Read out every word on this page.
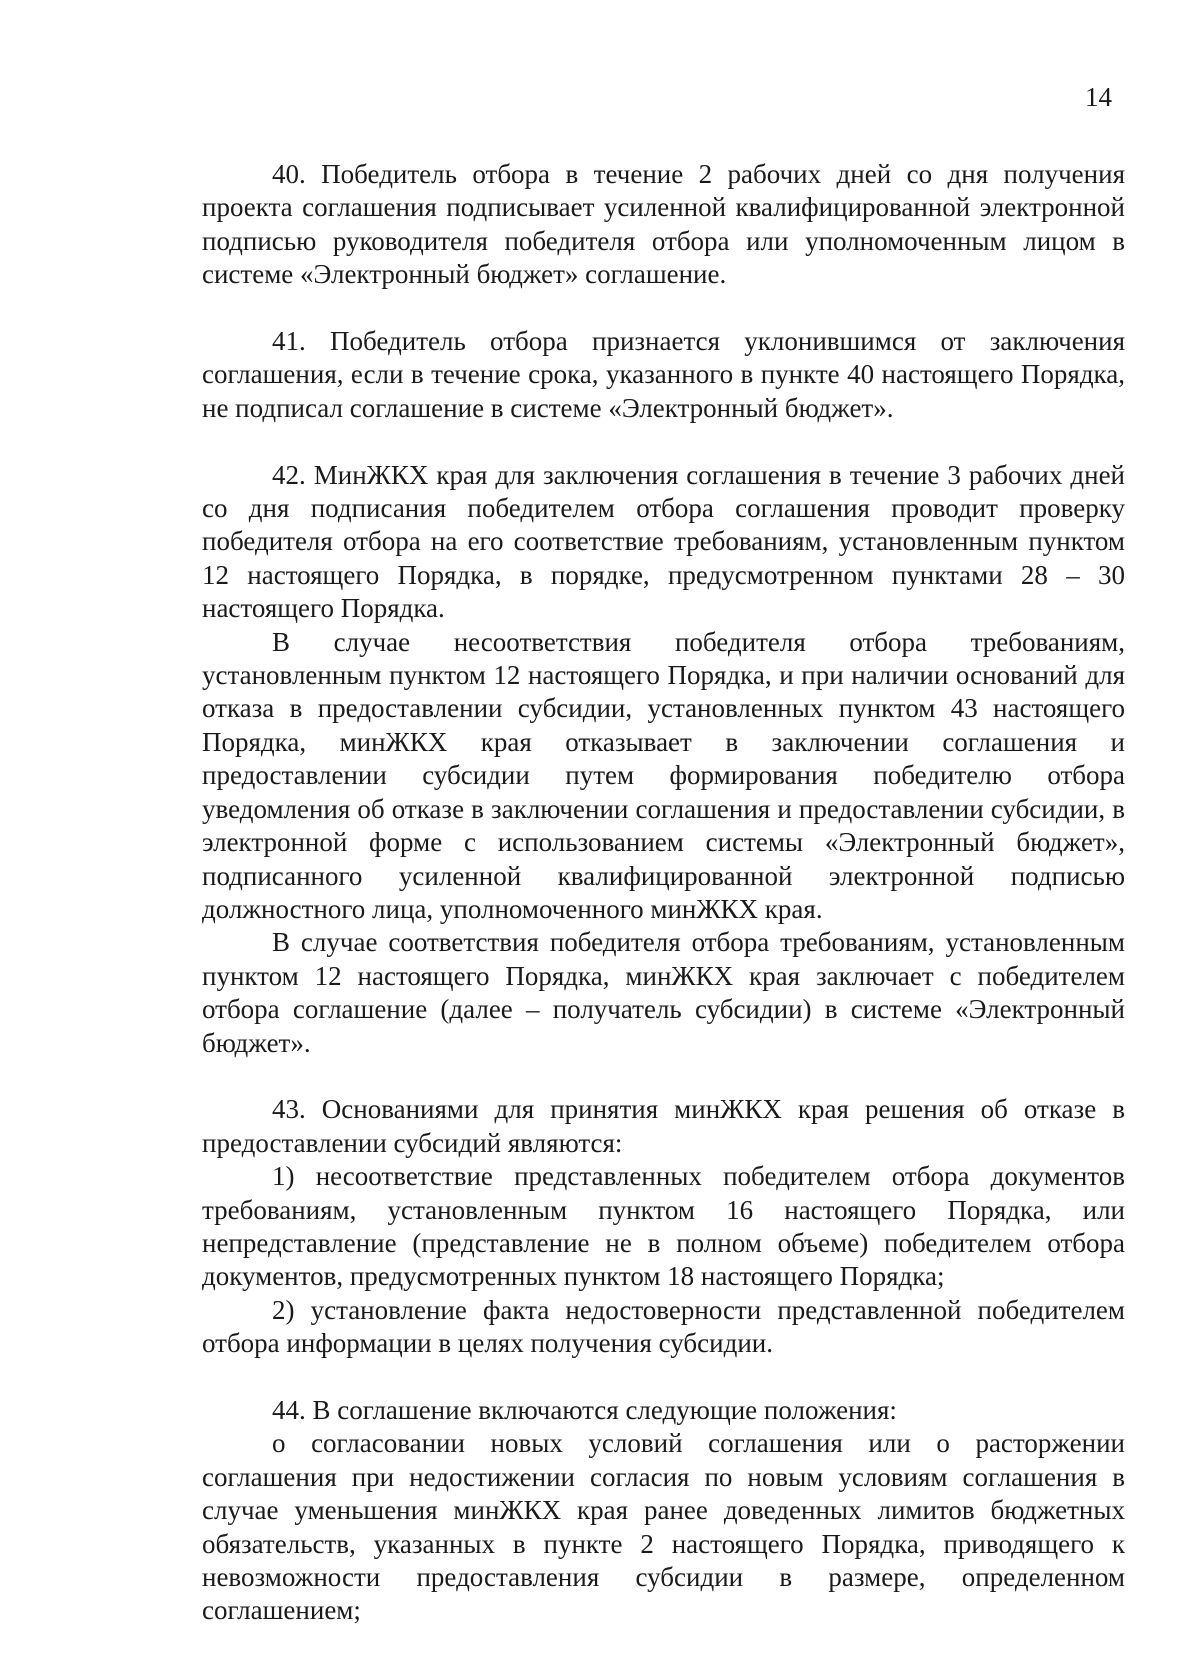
14

40. Победитель отбора в течение 2 рабочих дней со дня получения проекта соглашения подписывает усиленной квалифицированной электронной подписью руководителя победителя отбора или уполномоченным лицом в системе «Электронный бюджет» соглашение.

41. Победитель отбора признается уклонившимся от заключения соглашения, если в течение срока, указанного в пункте 40 настоящего Порядка, не подписал соглашение в системе «Электронный бюджет».

42. МинЖКХ края для заключения соглашения в течение 3 рабочих дней со дня подписания победителем отбора соглашения проводит проверку победителя отбора на его соответствие требованиям, установленным пунктом 12 настоящего Порядка, в порядке, предусмотренном пунктами 28 – 30 настоящего Порядка.

В случае несоответствия победителя отбора требованиям, установленным пунктом 12 настоящего Порядка, и при наличии оснований для отказа в предоставлении субсидии, установленных пунктом 43 настоящего Порядка, минЖКХ края отказывает в заключении соглашения и предоставлении субсидии путем формирования победителю отбора уведомления об отказе в заключении соглашения и предоставлении субсидии, в электронной форме с использованием системы «Электронный бюджет», подписанного усиленной квалифицированной электронной подписью должностного лица, уполномоченного минЖКХ края.

В случае соответствия победителя отбора требованиям, установленным пунктом 12 настоящего Порядка, минЖКХ края заключает с победителем отбора соглашение (далее – получатель субсидии) в системе «Электронный бюджет».

43. Основаниями для принятия минЖКХ края решения об отказе в предоставлении субсидий являются:

1) несоответствие представленных победителем отбора документов требованиям, установленным пунктом 16 настоящего Порядка, или непредставление (представление не в полном объеме) победителем отбора документов, предусмотренных пунктом 18 настоящего Порядка;

2) установление факта недостоверности представленной победителем отбора информации в целях получения субсидии.

44. В соглашение включаются следующие положения:

о согласовании новых условий соглашения или о расторжении соглашения при недостижении согласия по новым условиям соглашения в случае уменьшения минЖКХ края ранее доведенных лимитов бюджетных обязательств, указанных в пункте 2 настоящего Порядка, приводящего к невозможности предоставления субсидии в размере, определенном соглашением;
